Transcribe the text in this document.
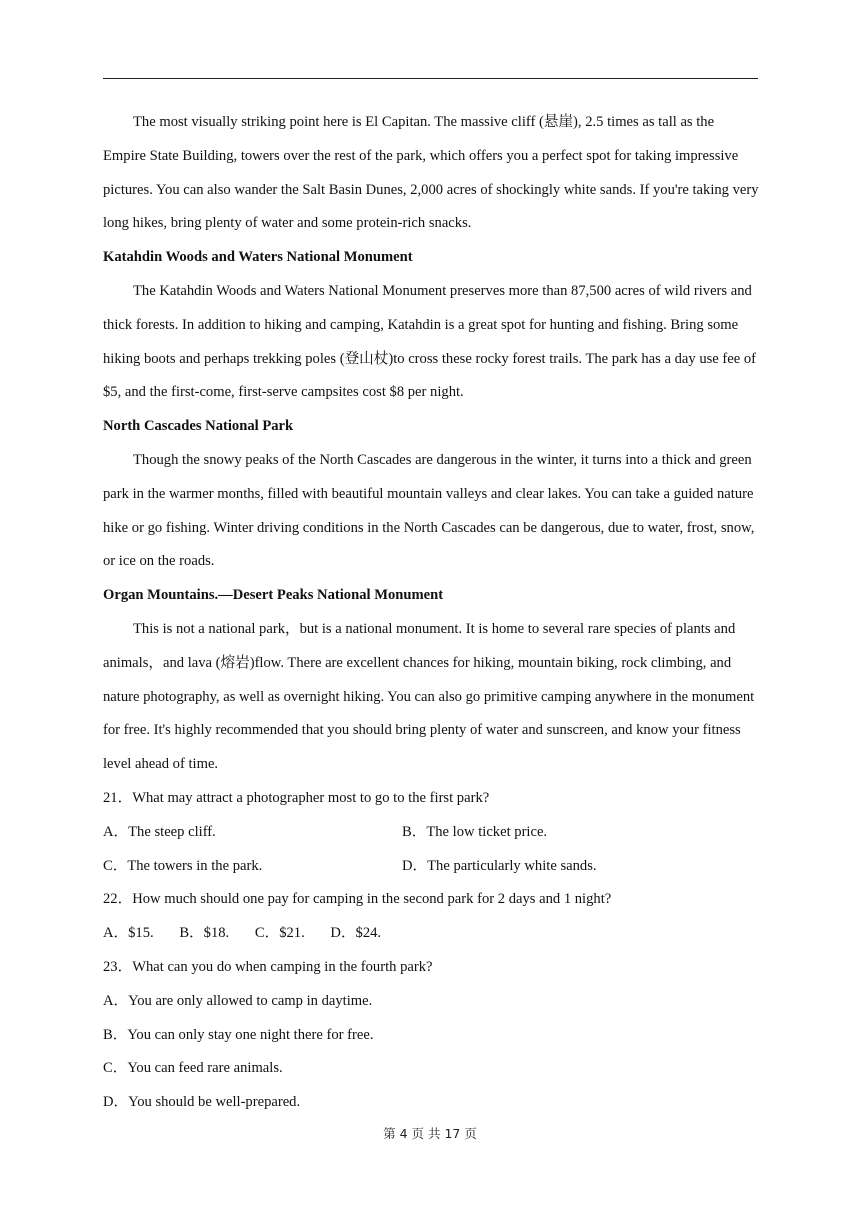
The most visually striking point here is El Capitan. The massive cliff (悬崖), 2.5 times as tall as the Empire State Building, towers over the rest of the park, which offers you a perfect spot for taking impressive pictures. You can also wander the Salt Basin Dunes, 2,000 acres of shockingly white sands. If you're taking very long hikes, bring plenty of water and some protein-rich snacks.

Katahdin Woods and Waters National Monument

The Katahdin Woods and Waters National Monument preserves more than 87,500 acres of wild rivers and thick forests. In addition to hiking and camping, Katahdin is a great spot for hunting and fishing. Bring some hiking boots and perhaps trekking poles (登山杖)to cross these rocky forest trails. The park has a day use fee of $5, and the first-come, first-serve campsites cost $8 per night.

North Cascades National Park

Though the snowy peaks of the North Cascades are dangerous in the winter, it turns into a thick and green park in the warmer months, filled with beautiful mountain valleys and clear lakes. You can take a guided nature hike or go fishing. Winter driving conditions in the North Cascades can be dangerous, due to water, frost, snow, or ice on the roads.

Organ Mountains.—Desert Peaks National Monument

This is not a national park，but is a national monument. It is home to several rare species of plants and animals，and lava (熔岩)flow. There are excellent chances for hiking, mountain biking, rock climbing, and nature photography, as well as overnight hiking. You can also go primitive camping anywhere in the monument for free. It's highly recommended that you should bring plenty of water and sunscreen, and know your fitness level ahead of time.

21．What may attract a photographer most to go to the first park?

A．The steep cliff.	B．The low ticket price.
C．The towers in the park.	D．The particularly white sands.

22．How much should one pay for camping in the second park for 2 days and 1 night?

A．$15. B．$18. C．$21. D．$24.

23．What can you do when camping in the fourth park?

A．You are only allowed to camp in daytime.

B．You can only stay one night there for free.

C．You can feed rare animals.

D．You should be well-prepared.

第 4 页 共 17 页
